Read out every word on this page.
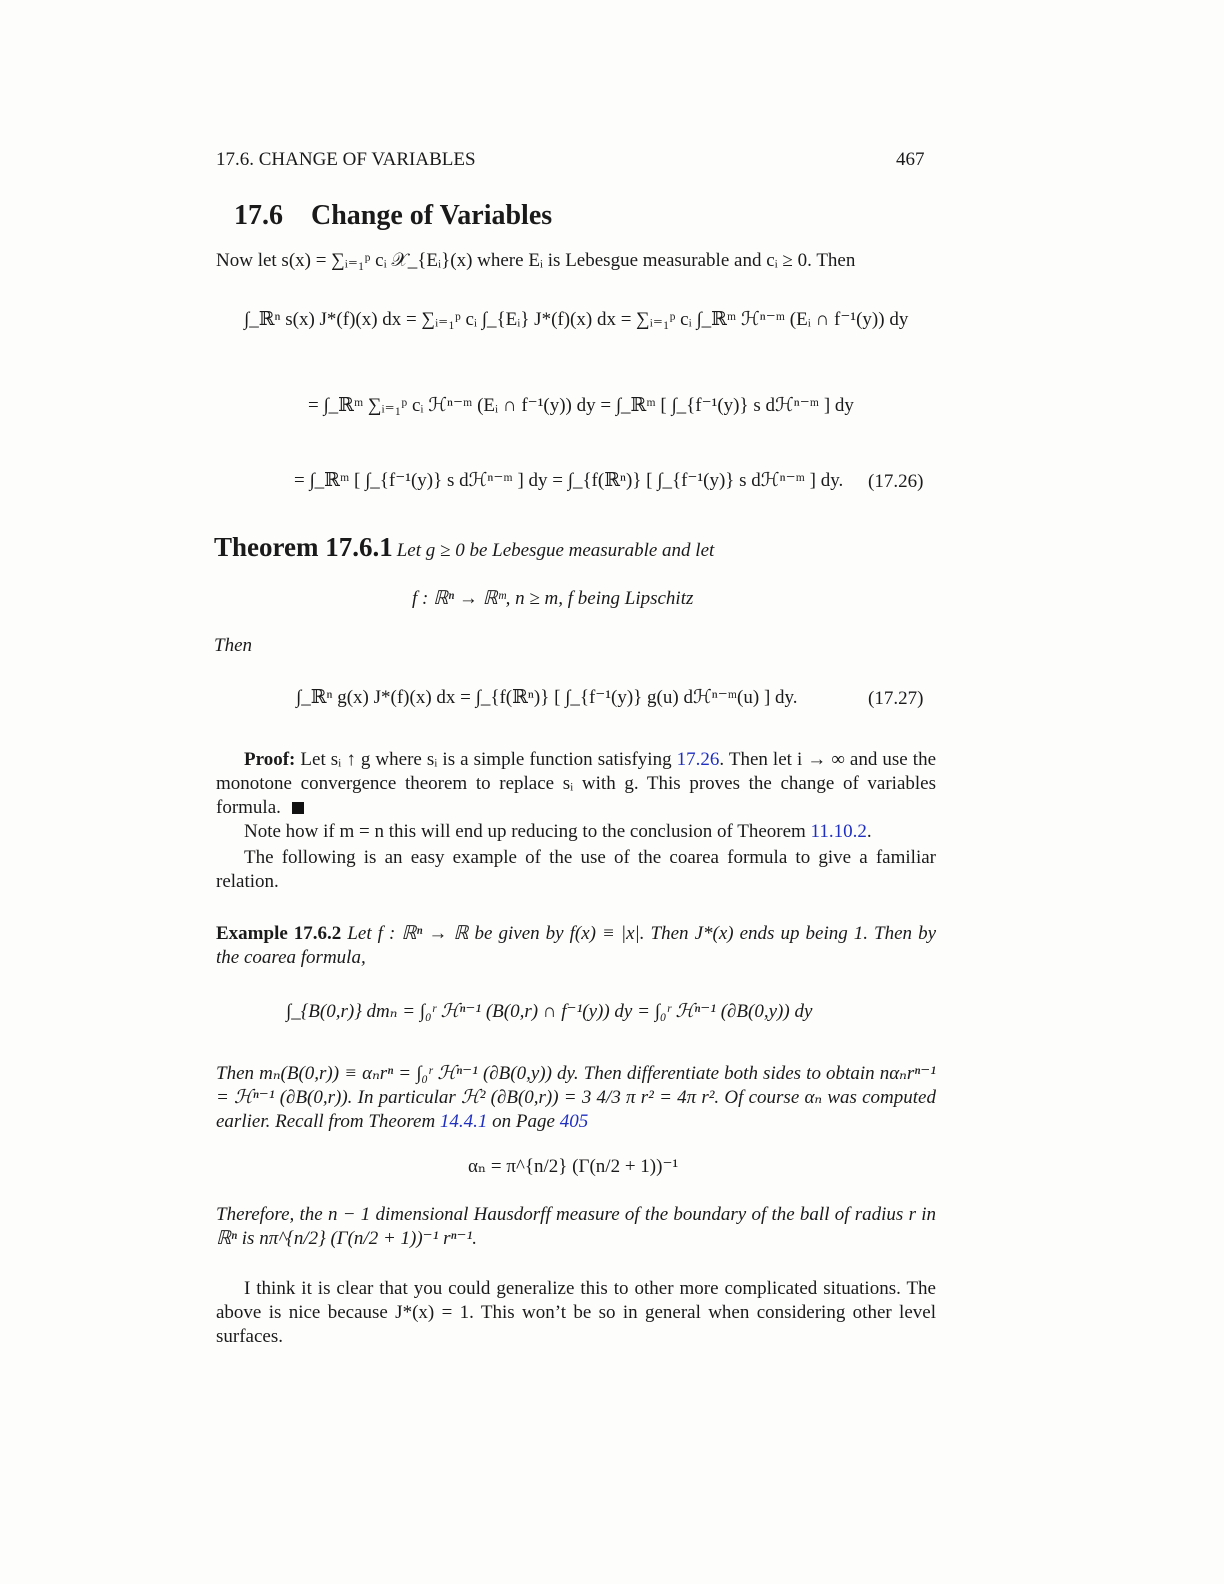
17.6. CHANGE OF VARIABLES	467
17.6 Change of Variables
Now let s(x) = ∑ᵢ₌₁ᵖ cᵢ 𝒳_{Eᵢ}(x) where Eᵢ is Lebesgue measurable and cᵢ ≥ 0. Then
∫_ℝⁿ s(x) J*(f)(x) dx = ∑ᵢ₌₁ᵖ cᵢ ∫_{Eᵢ} J*(f)(x) dx = ∑ᵢ₌₁ᵖ cᵢ ∫_ℝᵐ ℋⁿ⁻ᵐ (Eᵢ ∩ f⁻¹(y)) dy
= ∫_ℝᵐ ∑ᵢ₌₁ᵖ cᵢ ℋⁿ⁻ᵐ (Eᵢ ∩ f⁻¹(y)) dy = ∫_ℝᵐ [ ∫_{f⁻¹(y)} s dℋⁿ⁻ᵐ ] dy
= ∫_ℝᵐ [ ∫_{f⁻¹(y)} s dℋⁿ⁻ᵐ ] dy = ∫_{f(ℝⁿ)} [ ∫_{f⁻¹(y)} s dℋⁿ⁻ᵐ ] dy. (17.26)
Theorem 17.6.1 Let g ≥ 0 be Lebesgue measurable and let
f : ℝⁿ → ℝᵐ, n ≥ m, f being Lipschitz
Then
∫_ℝⁿ g(x) J*(f)(x) dx = ∫_{f(ℝⁿ)} [ ∫_{f⁻¹(y)} g(u) dℋⁿ⁻ᵐ(u) ] dy.	(17.27)
Proof: Let sᵢ ↑ g where sᵢ is a simple function satisfying 17.26. Then let i → ∞ and use the monotone convergence theorem to replace sᵢ with g. This proves the change of variables formula.
Note how if m = n this will end up reducing to the conclusion of Theorem 11.10.2.
The following is an easy example of the use of the coarea formula to give a familiar relation.
Example 17.6.2 Let f : ℝⁿ → ℝ be given by f(x) ≡ |x|. Then J*(x) ends up being 1. Then by the coarea formula,
∫_{B(0,r)} dmₙ = ∫₀ʳ ℋⁿ⁻¹ (B(0,r) ∩ f⁻¹(y)) dy = ∫₀ʳ ℋⁿ⁻¹ (∂B(0,y)) dy
Then mₙ(B(0,r)) ≡ αₙrⁿ = ∫₀ʳ ℋⁿ⁻¹ (∂B(0,y)) dy. Then differentiate both sides to obtain nαₙrⁿ⁻¹ = ℋⁿ⁻¹ (∂B(0,r)). In particular ℋ² (∂B(0,r)) = 3 4/3 π r² = 4π r². Of course αₙ was computed earlier. Recall from Theorem 14.4.1 on Page 405
αₙ = π^{n/2} (Γ(n/2 + 1))⁻¹
Therefore, the n − 1 dimensional Hausdorff measure of the boundary of the ball of radius r in ℝⁿ is nπ^{n/2} (Γ(n/2 + 1))⁻¹ rⁿ⁻¹.
I think it is clear that you could generalize this to other more complicated situations. The above is nice because J*(x) = 1. This won’t be so in general when considering other level surfaces.
